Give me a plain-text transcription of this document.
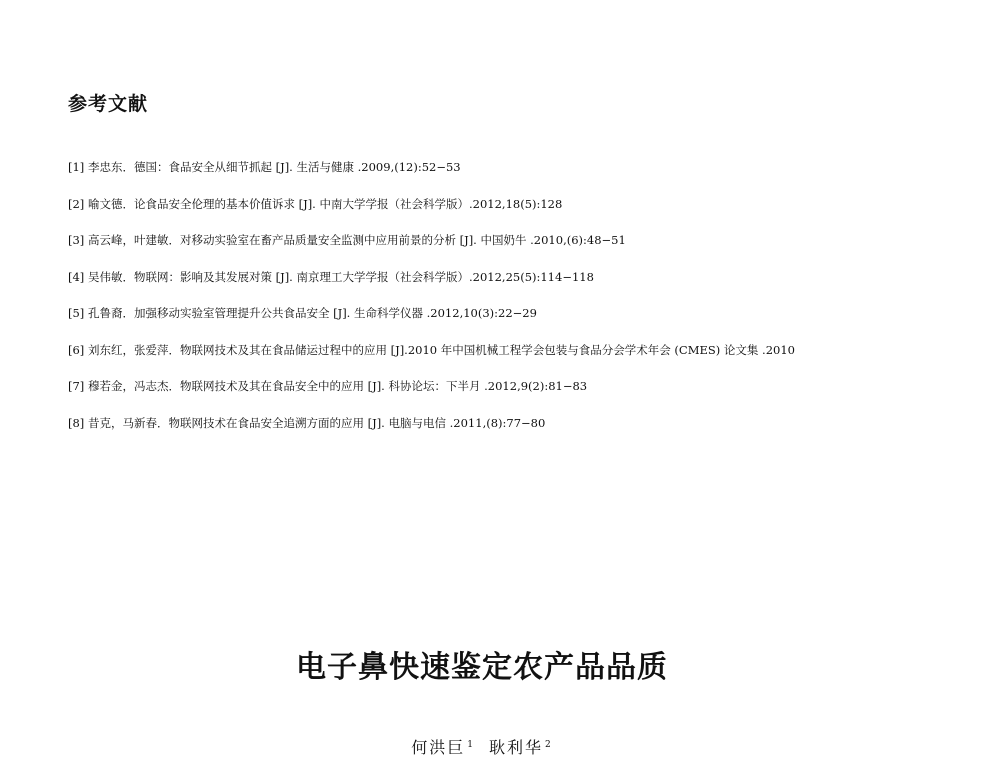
参考文献
[1] 李忠东．德国：食品安全从细节抓起 [J]. 生活与健康 .2009,(12):52−53
[2] 喻文德．论食品安全伦理的基本价值诉求 [J]. 中南大学学报（社会科学版）.2012,18(5):128
[3] 高云峰，叶建敏．对移动实验室在畜产品质量安全监测中应用前景的分析 [J]. 中国奶牛 .2010,(6):48−51
[4] 吴伟敏．物联网：影响及其发展对策 [J]. 南京理工大学学报（社会科学版）.2012,25(5):114−118
[5] 孔鲁裔．加强移动实验室管理提升公共食品安全 [J]. 生命科学仪器 .2012,10(3):22−29
[6] 刘东红，张爱萍．物联网技术及其在食品储运过程中的应用 [J].2010 年中国机械工程学会包装与食品分会学术年会 (CMES) 论文集 .2010
[7] 穆若金，冯志杰．物联网技术及其在食品安全中的应用 [J]. 科协论坛：下半月 .2012,9(2):81−83
[8] 昔克，马新春．物联网技术在食品安全追溯方面的应用 [J]. 电脑与电信 .2011,(8):77−80
电子鼻快速鉴定农产品品质
何洪巨 $^1$ 耿利华 $^2$
